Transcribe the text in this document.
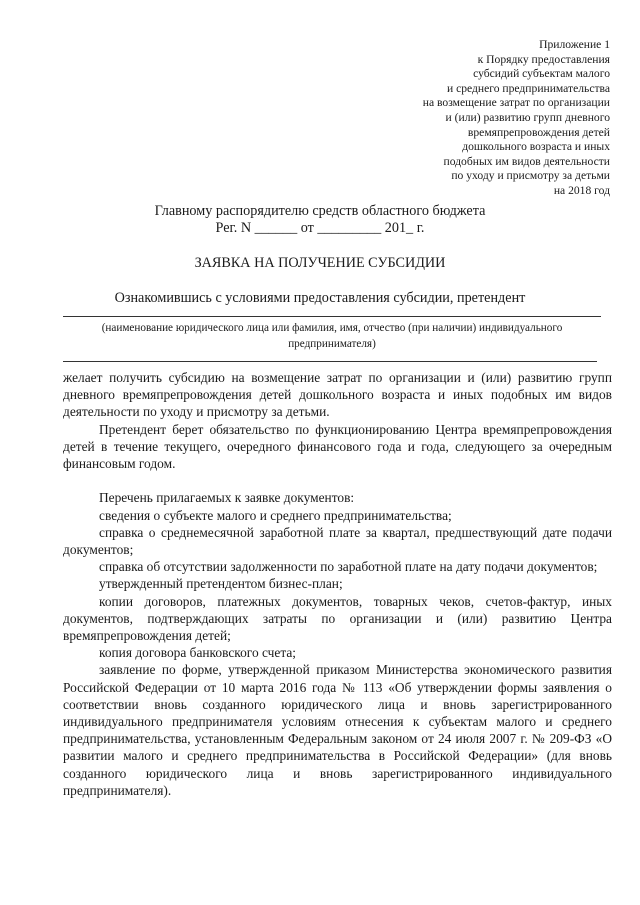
Приложение 1
к Порядку предоставления
субсидий субъектам малого
и среднего предпринимательства
на возмещение затрат по организации
и (или) развитию групп дневного
времяпрепровождения детей
дошкольного возраста и иных
подобных им видов деятельности
по уходу и присмотру за детьми
на 2018 год
Главному распорядителю средств областного бюджета
Рег. N ______ от _________ 201_ г.
ЗАЯВКА НА ПОЛУЧЕНИЕ СУБСИДИИ
Ознакомившись с условиями предоставления субсидии, претендент
(наименование юридического лица или фамилия, имя, отчество (при наличии) индивидуального предпринимателя)

желает получить субсидию на возмещение затрат по организации и (или) развитию групп дневного времяпрепровождения детей дошкольного возраста и иных подобных им видов деятельности по уходу и присмотру за детьми.

Претендент берет обязательство по функционированию Центра времяпрепровождения детей в течение текущего, очередного финансового года и года, следующего за очередным финансовым годом.

Перечень прилагаемых к заявке документов:

сведения о субъекте малого и среднего предпринимательства;

справка о среднемесячной заработной плате за квартал, предшествующий дате подачи документов;

справка об отсутствии задолженности по заработной плате на дату подачи документов;

утвержденный претендентом бизнес-план;

копии договоров, платежных документов, товарных чеков, счетов-фактур, иных документов, подтверждающих затраты по организации и (или) развитию Центра времяпрепровождения детей;

копия договора банковского счета;

заявление по форме, утвержденной приказом Министерства экономического развития Российской Федерации от 10 марта 2016 года № 113 «Об утверждении формы заявления о соответствии вновь созданного юридического лица и вновь зарегистрированного индивидуального предпринимателя условиям отнесения к субъектам малого и среднего предпринимательства, установленным Федеральным законом от 24 июля 2007 г. № 209-ФЗ «О развитии малого и среднего предпринимательства в Российской Федерации» (для вновь созданного юридического лица и вновь зарегистрированного индивидуального предпринимателя).
